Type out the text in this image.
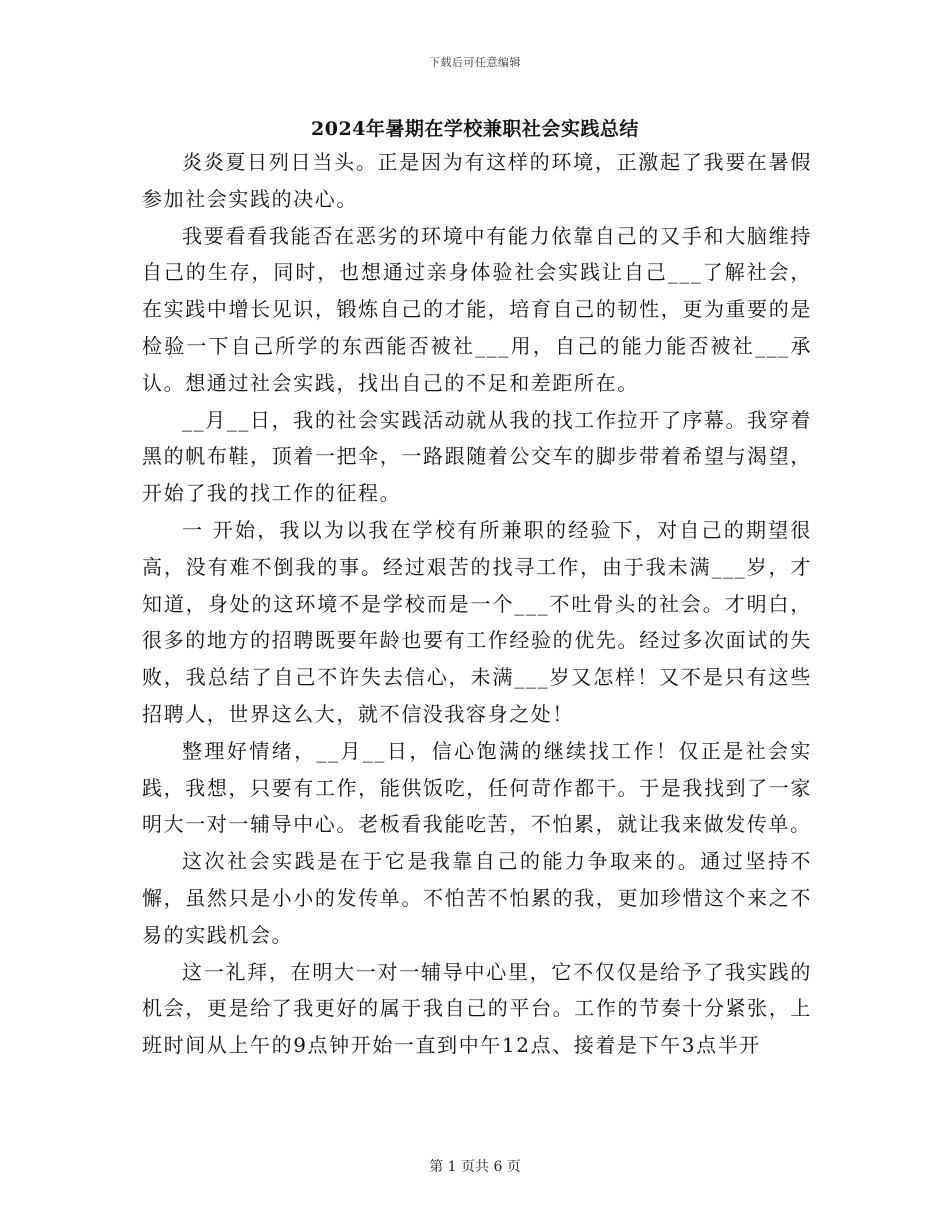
下载后可任意编辑
2024年暑期在学校兼职社会实践总结

炎炎夏日列日当头。正是因为有这样的环境，正激起了我要在暑假参加社会实践的决心。

我要看看我能否在恶劣的环境中有能力依靠自己的又手和大脑维持自己的生存，同时，也想通过亲身体验社会实践让自己___了解社会，在实践中增长见识，锻炼自己的才能，培育自己的韧性，更为重要的是检验一下自己所学的东西能否被社___用，自己的能力能否被社___承认。想通过社会实践，找出自己的不足和差距所在。

__月__日，我的社会实践活动就从我的找工作拉开了序幕。我穿着黑的帆布鞋，顶着一把伞，一路跟随着公交车的脚步带着希望与渴望，开始了我的找工作的征程。

一 开始，我以为以我在学校有所兼职的经验下，对自己的期望很高，没有难不倒我的事。经过艰苦的找寻工作，由于我未满___岁，才知道，身处的这环境不是学校而是一个___不吐骨头的社会。才明白，很多的地方的招聘既要年龄也要有工作经验的优先。经过多次面试的失败，我总结了自己不许失去信心，未满___岁又怎样！又不是只有这些招聘人，世界这么大，就不信没我容身之处！

整理好情绪，__月__日，信心饱满的继续找工作！仅正是社会实践，我想，只要有工作，能供饭吃，任何苛作都干。于是我找到了一家明大一对一辅导中心。老板看我能吃苦，不怕累，就让我来做发传单。

这次社会实践是在于它是我靠自己的能力争取来的。通过坚持不懈，虽然只是小小的发传单。不怕苦不怕累的我，更加珍惜这个来之不易的实践机会。

这一礼拜，在明大一对一辅导中心里，它不仅仅是给予了我实践的机会，更是给了我更好的属于我自己的平台。工作的节奏十分紧张，上班时间从上午的9点钟开始一直到中午12点、接着是下午3点半开

第 1 页共 6 页
